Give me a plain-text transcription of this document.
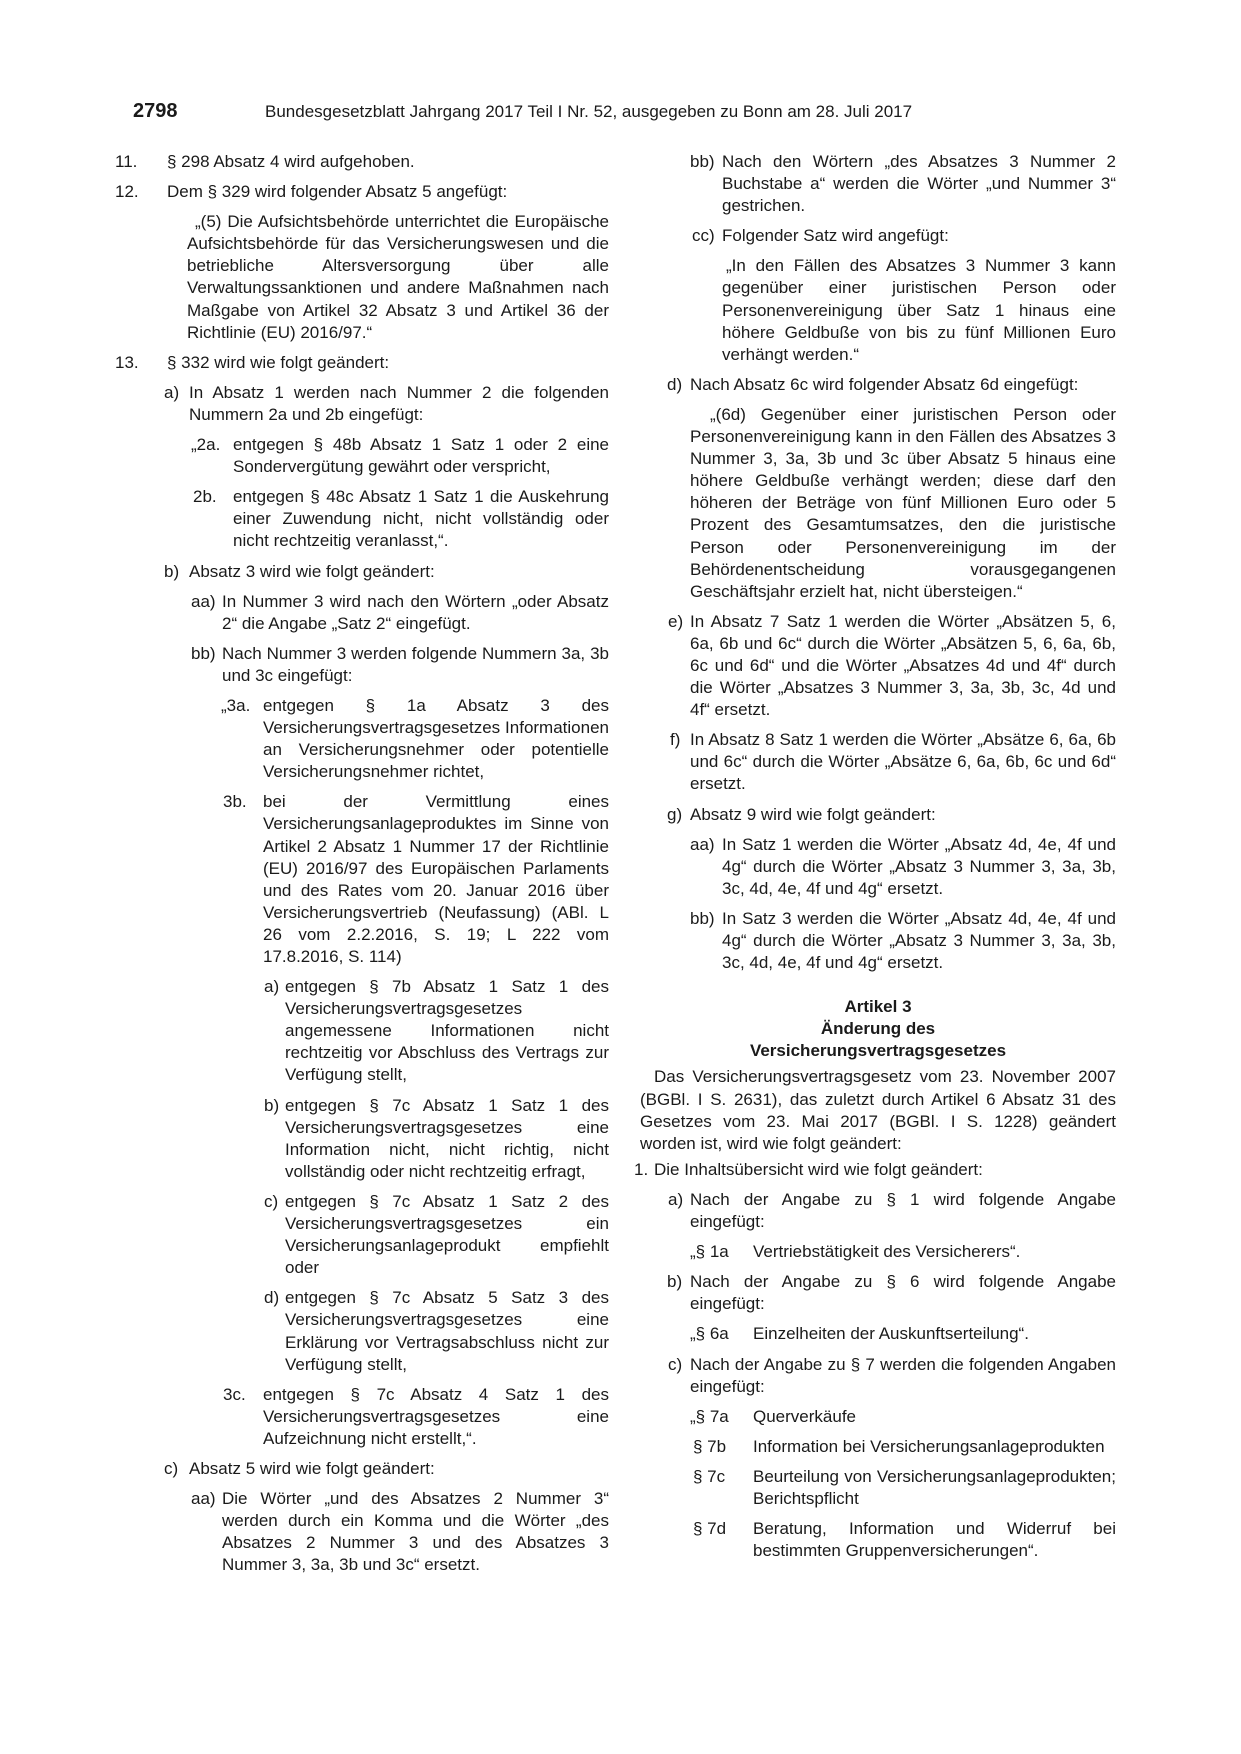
2798	Bundesgesetzblatt Jahrgang 2017 Teil I Nr. 52, ausgegeben zu Bonn am 28. Juli 2017
11. § 298 Absatz 4 wird aufgehoben.
12. Dem § 329 wird folgender Absatz 5 angefügt:
„(5) Die Aufsichtsbehörde unterrichtet die Europäische Aufsichtsbehörde für das Versicherungswesen und die betriebliche Altersversorgung über alle Verwaltungssanktionen und andere Maßnahmen nach Maßgabe von Artikel 32 Absatz 3 und Artikel 36 der Richtlinie (EU) 2016/97.“
13. § 332 wird wie folgt geändert:
a) In Absatz 1 werden nach Nummer 2 die folgenden Nummern 2a und 2b eingefügt:
„2a. entgegen § 48b Absatz 1 Satz 1 oder 2 eine Sondervergütung gewährt oder verspricht,
2b. entgegen § 48c Absatz 1 Satz 1 die Auskehrung einer Zuwendung nicht, nicht vollständig oder nicht rechtzeitig veranlasst,“.
b) Absatz 3 wird wie folgt geändert:
aa) In Nummer 3 wird nach den Wörtern „oder Absatz 2“ die Angabe „Satz 2“ eingefügt.
bb) Nach Nummer 3 werden folgende Nummern 3a, 3b und 3c eingefügt:
„3a. entgegen § 1a Absatz 3 des Versicherungsvertragsgesetzes Informationen an Versicherungsnehmer oder potentielle Versicherungsnehmer richtet,
3b. bei der Vermittlung eines Versicherungsanlageproduktes im Sinne von Artikel 2 Absatz 1 Nummer 17 der Richtlinie (EU) 2016/97 des Europäischen Parlaments und des Rates vom 20. Januar 2016 über Versicherungsvertrieb (Neufassung) (ABl. L 26 vom 2.2.2016, S. 19; L 222 vom 17.8.2016, S. 114)
a) entgegen § 7b Absatz 1 Satz 1 des Versicherungsvertragsgesetzes angemessene Informationen nicht rechtzeitig vor Abschluss des Vertrags zur Verfügung stellt,
b) entgegen § 7c Absatz 1 Satz 1 des Versicherungsvertragsgesetzes eine Information nicht, nicht richtig, nicht vollständig oder nicht rechtzeitig erfragt,
c) entgegen § 7c Absatz 1 Satz 2 des Versicherungsvertragsgesetzes ein Versicherungsanlageprodukt empfiehlt oder
d) entgegen § 7c Absatz 5 Satz 3 des Versicherungsvertragsgesetzes eine Erklärung vor Vertragsabschluss nicht zur Verfügung stellt,
3c. entgegen § 7c Absatz 4 Satz 1 des Versicherungsvertragsgesetzes eine Aufzeichnung nicht erstellt,“.
c) Absatz 5 wird wie folgt geändert:
aa) Die Wörter „und des Absatzes 2 Nummer 3“ werden durch ein Komma und die Wörter „des Absatzes 2 Nummer 3 und des Absatzes 3 Nummer 3, 3a, 3b und 3c“ ersetzt.
bb) Nach den Wörtern „des Absatzes 3 Nummer 2 Buchstabe a“ werden die Wörter „und Nummer 3“ gestrichen.
cc) Folgender Satz wird angefügt:
„In den Fällen des Absatzes 3 Nummer 3 kann gegenüber einer juristischen Person oder Personenvereinigung über Satz 1 hinaus eine höhere Geldbuße von bis zu fünf Millionen Euro verhängt werden.“
d) Nach Absatz 6c wird folgender Absatz 6d eingefügt:
„(6d) Gegenüber einer juristischen Person oder Personenvereinigung kann in den Fällen des Absatzes 3 Nummer 3, 3a, 3b und 3c über Absatz 5 hinaus eine höhere Geldbuße verhängt werden; diese darf den höheren der Beträge von fünf Millionen Euro oder 5 Prozent des Gesamtumsatzes, den die juristische Person oder Personenvereinigung im der Behördenentscheidung vorausgegangenen Geschäftsjahr erzielt hat, nicht übersteigen.“
e) In Absatz 7 Satz 1 werden die Wörter „Absätzen 5, 6, 6a, 6b und 6c“ durch die Wörter „Absätzen 5, 6, 6a, 6b, 6c und 6d“ und die Wörter „Absatzes 4d und 4f“ durch die Wörter „Absatzes 3 Nummer 3, 3a, 3b, 3c, 4d und 4f“ ersetzt.
f) In Absatz 8 Satz 1 werden die Wörter „Absätze 6, 6a, 6b und 6c“ durch die Wörter „Absätze 6, 6a, 6b, 6c und 6d“ ersetzt.
g) Absatz 9 wird wie folgt geändert:
aa) In Satz 1 werden die Wörter „Absatz 4d, 4e, 4f und 4g“ durch die Wörter „Absatz 3 Nummer 3, 3a, 3b, 3c, 4d, 4e, 4f und 4g“ ersetzt.
bb) In Satz 3 werden die Wörter „Absatz 4d, 4e, 4f und 4g“ durch die Wörter „Absatz 3 Nummer 3, 3a, 3b, 3c, 4d, 4e, 4f und 4g“ ersetzt.
Artikel 3
Änderung des
Versicherungsvertragsgesetzes
Das Versicherungsvertragsgesetz vom 23. November 2007 (BGBl. I S. 2631), das zuletzt durch Artikel 6 Absatz 31 des Gesetzes vom 23. Mai 2017 (BGBl. I S. 1228) geändert worden ist, wird wie folgt geändert:
1. Die Inhaltsübersicht wird wie folgt geändert:
a) Nach der Angabe zu § 1 wird folgende Angabe eingefügt:
„§ 1a Vertriebstätigkeit des Versicherers“.
b) Nach der Angabe zu § 6 wird folgende Angabe eingefügt:
„§ 6a Einzelheiten der Auskunftserteilung“.
c) Nach der Angabe zu § 7 werden die folgenden Angaben eingefügt:
„§ 7a Querverkäufe
§ 7b Information bei Versicherungsanlageprodukten
§ 7c Beurteilung von Versicherungsanlageprodukten; Berichtspflicht
§ 7d Beratung, Information und Widerruf bei bestimmten Gruppenversicherungen“.
